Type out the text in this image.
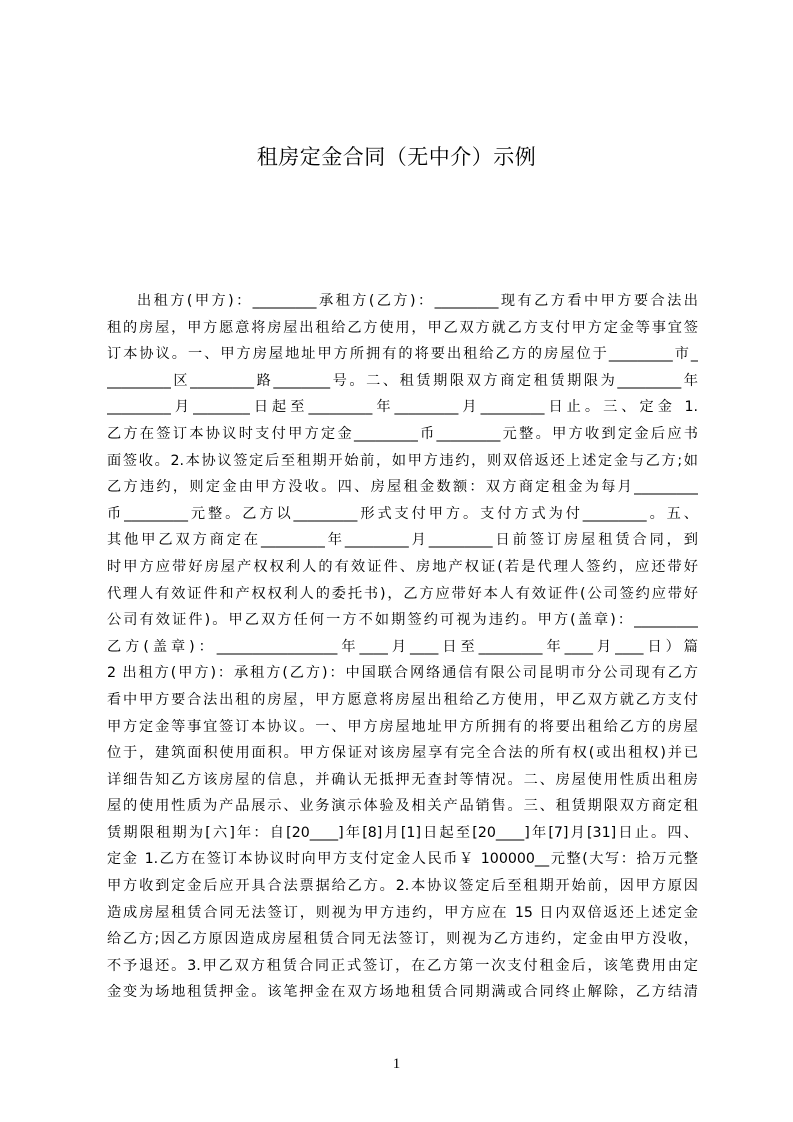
租房定金合同（无中介）示例
出租方(甲方)：_________承租方(乙方)：_________现有乙方看中甲方要合法出
租的房屋，甲方愿意将房屋出租给乙方使用，甲乙双方就乙方支付甲方定金等事宜签
订本协议。一、甲方房屋地址甲方所拥有的将要出租给乙方的房屋位于_________市_
_________区_________路________号。二、租赁期限双方商定租赁期限为_________年
_________月________日起至_________年_________月_________日止。三、定金 1.
乙方在签订本协议时支付甲方定金_________币_________元整。甲方收到定金后应书
面签收。2.本协议签定后至租期开始前，如甲方违约，则双倍返还上述定金与乙方;如
乙方违约，则定金由甲方没收。四、房屋租金数额：双方商定租金为每月_________
币_________元整。乙方以_________形式支付甲方。支付方式为付_________。五、
其他甲乙双方商定在_________年_________月_________日前签订房屋租赁合同，到
时甲方应带好房屋产权权利人的有效证件、房地产权证(若是代理人签约，应还带好
代理人有效证件和产权权利人的委托书)，乙方应带好本人有效证件(公司签约应带好
公司有效证件)。甲乙双方任何一方不如期签约可视为违约。甲方(盖章)：_________
乙方(盖章)：_________________年____月____日至_________年____月____日）篇
2 出租方(甲方)：承租方(乙方)：中国联合网络通信有限公司昆明市分公司现有乙方
看中甲方要合法出租的房屋，甲方愿意将房屋出租给乙方使用，甲乙双方就乙方支付
甲方定金等事宜签订本协议。一、甲方房屋地址甲方所拥有的将要出租给乙方的房屋
位于，建筑面积使用面积。甲方保证对该房屋享有完全合法的所有权(或出租权)并已
详细告知乙方该房屋的信息，并确认无抵押无查封等情况。二、房屋使用性质出租房
屋的使用性质为产品展示、业务演示体验及相关产品销售。三、租赁期限双方商定租
赁期限租期为[六]年：自[20____]年[8]月[1]日起至[20____]年[7]月[31]日止。四、
定金 1.乙方在签订本协议时向甲方支付定金人民币￥ 100000__元整(大写：拾万元整
甲方收到定金后应开具合法票据给乙方。2.本协议签定后至租期开始前，因甲方原因
造成房屋租赁合同无法签订，则视为甲方违约，甲方应在 15 日内双倍返还上述定金
给乙方;因乙方原因造成房屋租赁合同无法签订，则视为乙方违约，定金由甲方没收，
不予退还。3.甲乙双方租赁合同正式签订，在乙方第一次支付租金后，该笔费用由定
金变为场地租赁押金。该笔押金在双方场地租赁合同期满或合同终止解除，乙方结清
1
